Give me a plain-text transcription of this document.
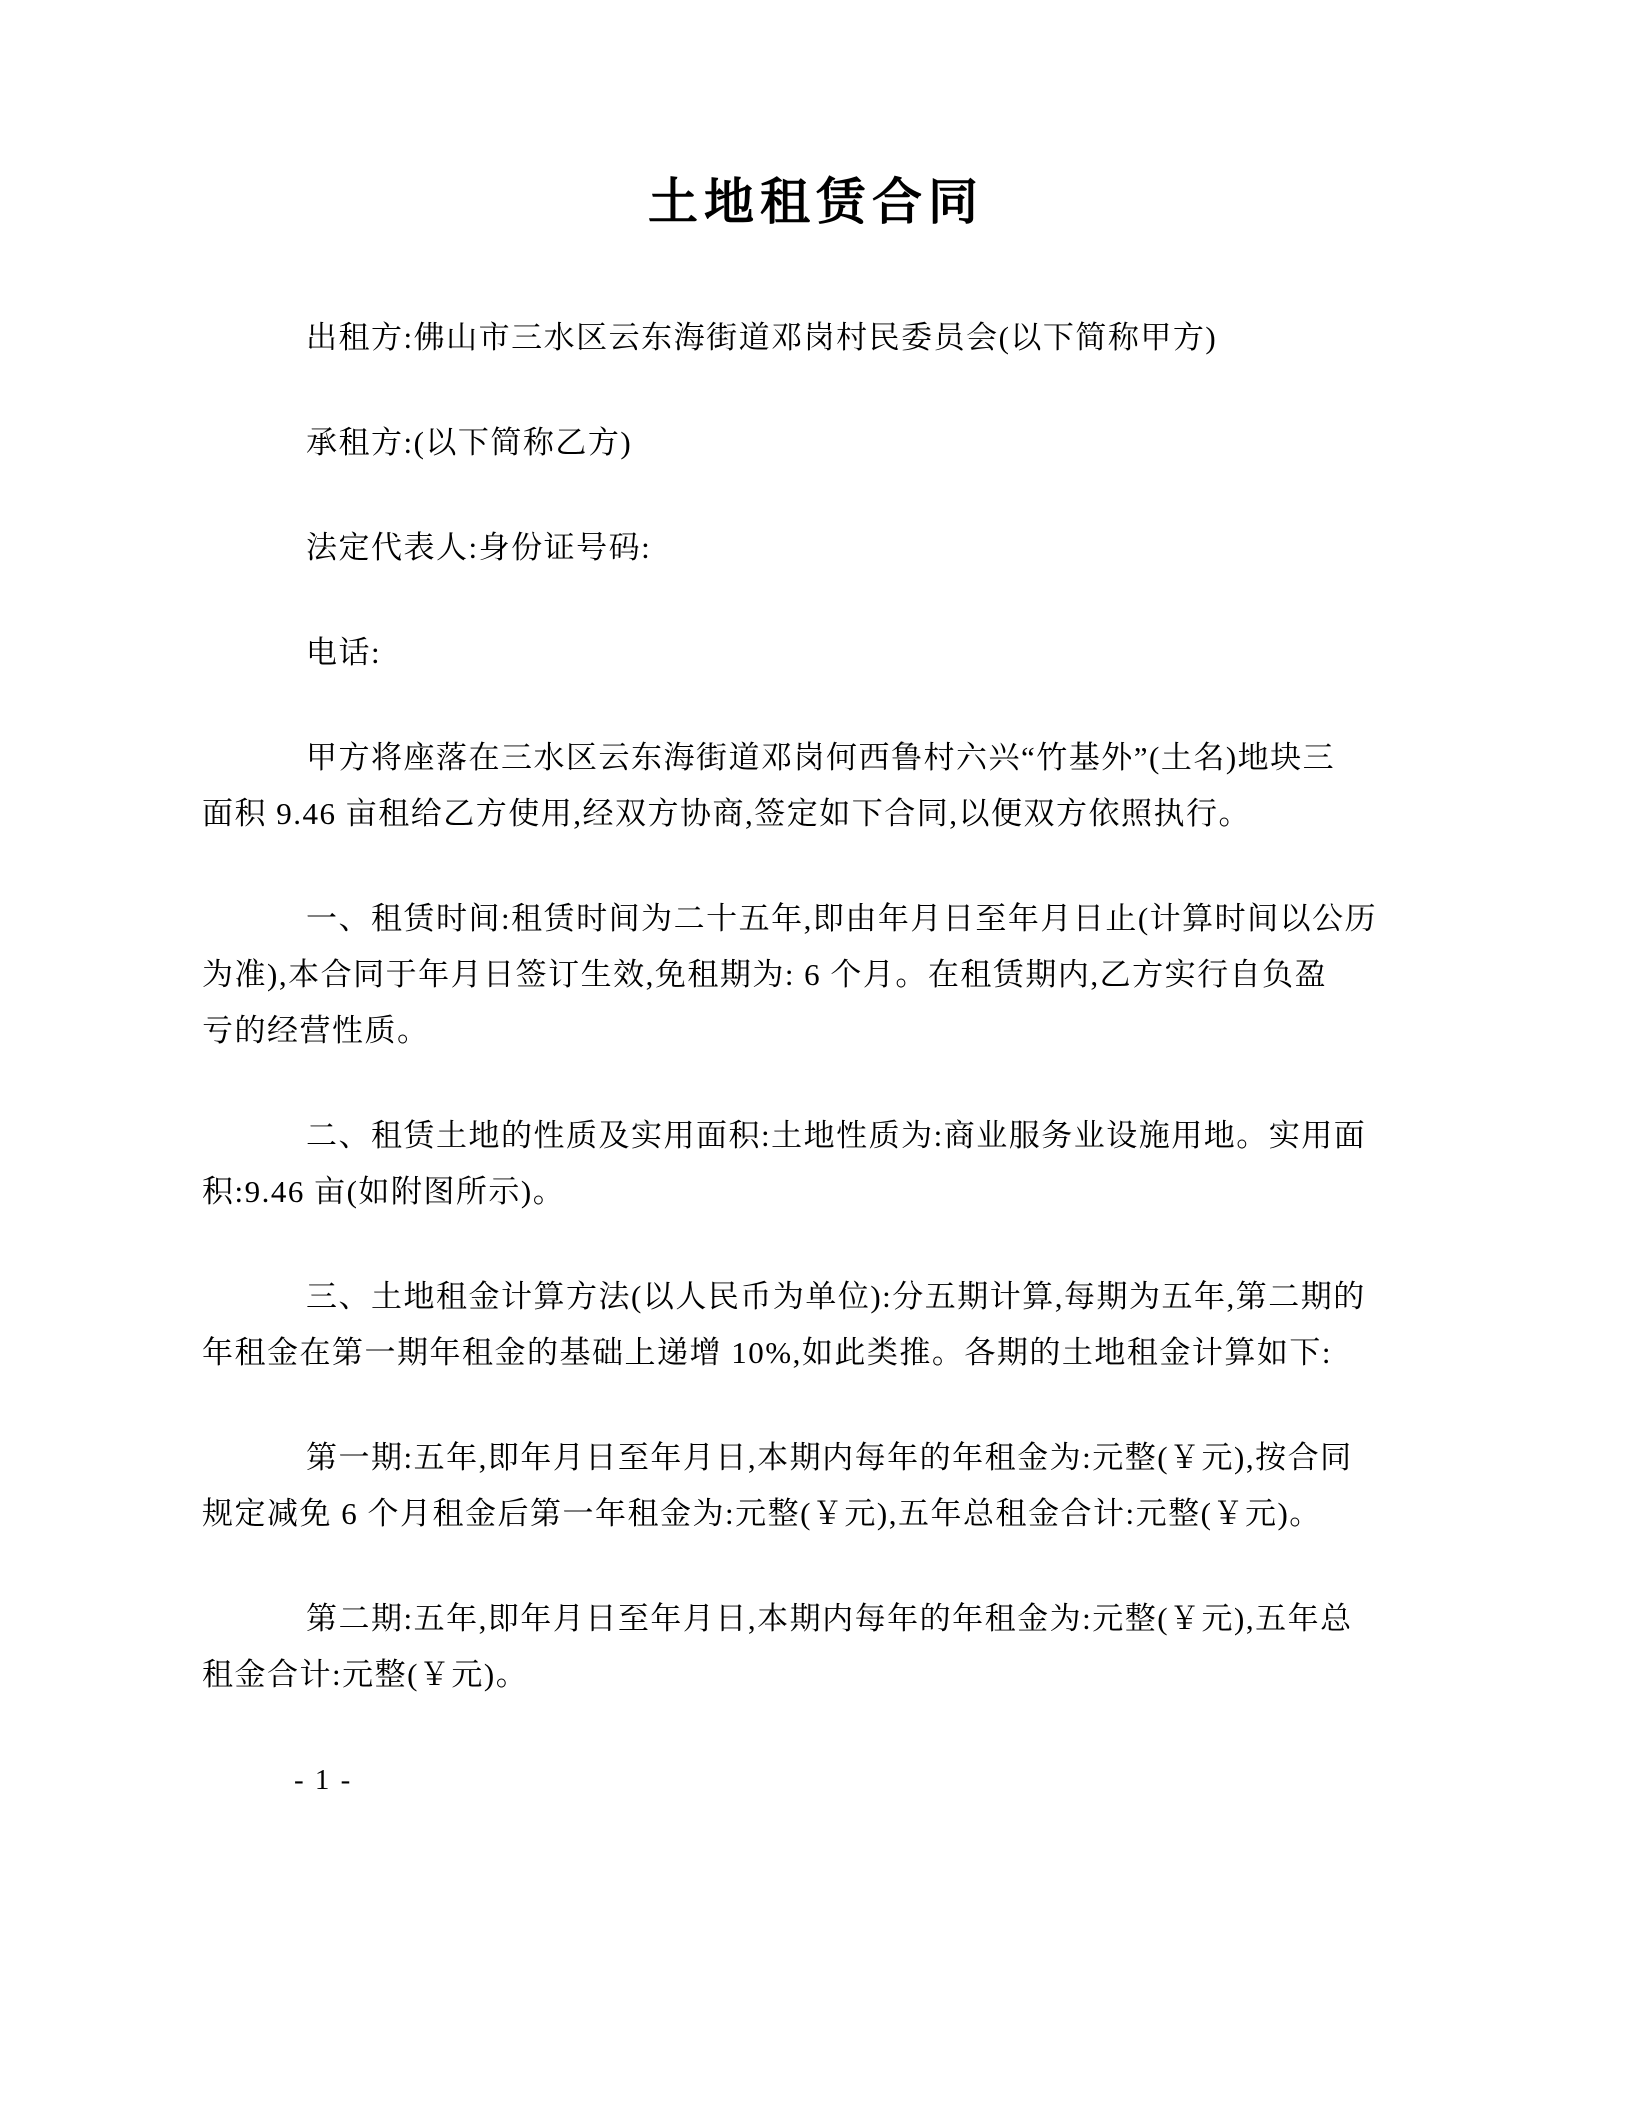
土地租赁合同
出租方:佛山市三水区云东海街道邓岗村民委员会(以下简称甲方)
承租方:(以下简称乙方)
法定代表人:身份证号码:
电话:
甲方将座落在三水区云东海街道邓岗何西鲁村六兴“竹基外”(土名)地块三
面积 9.46 亩租给乙方使用,经双方协商,签定如下合同,以便双方依照执行。
一、租赁时间:租赁时间为二十五年,即由年月日至年月日止(计算时间以公历
为准),本合同于年月日签订生效,免租期为: 6 个月。在租赁期内,乙方实行自负盈
亏的经营性质。
二、租赁土地的性质及实用面积:土地性质为:商业服务业设施用地。实用面
积:9.46 亩(如附图所示)。
三、土地租金计算方法(以人民币为单位):分五期计算,每期为五年,第二期的
年租金在第一期年租金的基础上递增 10%,如此类推。各期的土地租金计算如下:
第一期:五年,即年月日至年月日,本期内每年的年租金为:元整(￥元),按合同
规定减免 6 个月租金后第一年租金为:元整(￥元),五年总租金合计:元整(￥元)。
第二期:五年,即年月日至年月日,本期内每年的年租金为:元整(￥元),五年总
租金合计:元整(￥元)。
- 1 -
